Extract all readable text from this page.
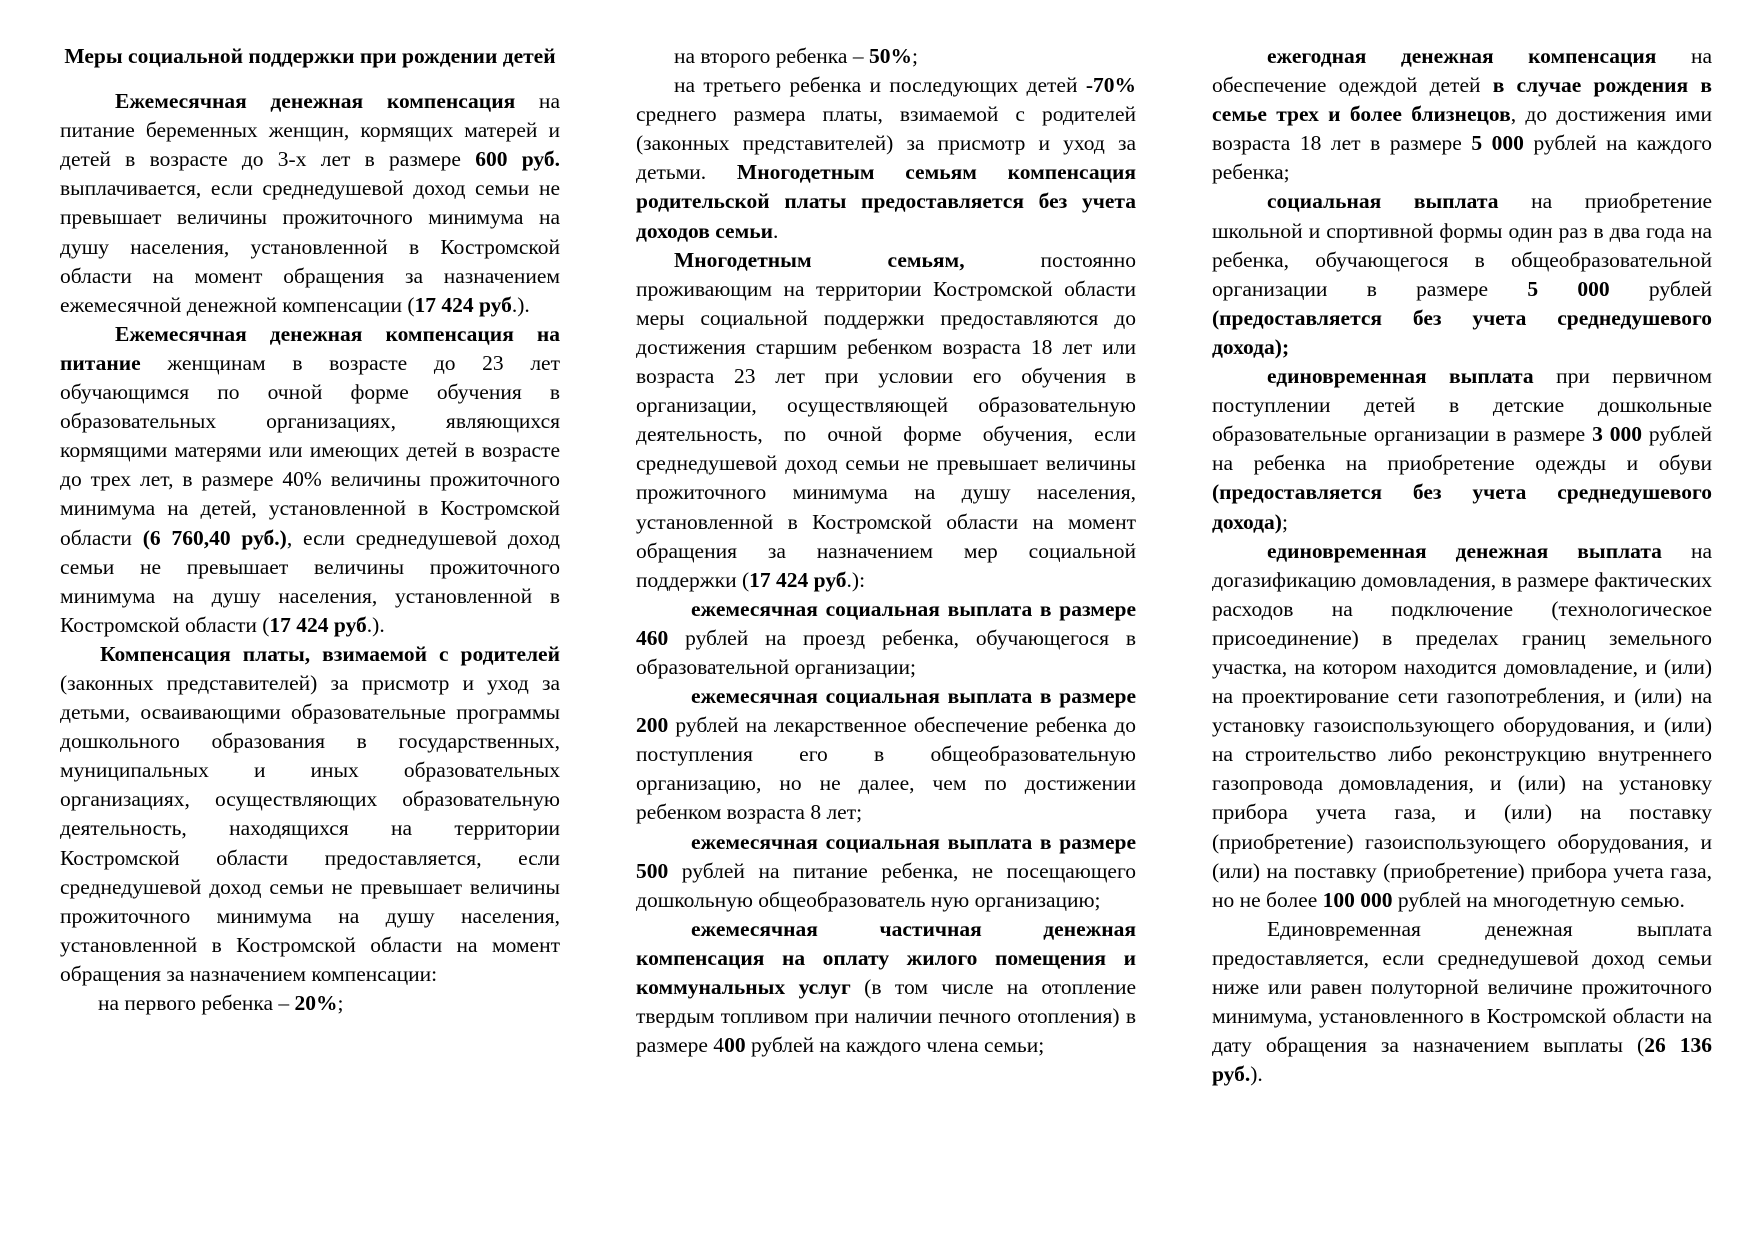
Меры социальной поддержки при рождении детей

Ежемесячная денежная компенсация на питание беременных женщин, кормящих матерей и детей в возрасте до 3-х лет в размере 600 руб. выплачивается, если среднедушевой доход семьи не превышает величины прожиточного минимума на душу населения, установленной в Костромской области на момент обращения за назначением ежемесячной денежной компенсации (17 424 руб.).

Ежемесячная денежная компенсация на питание женщинам в возрасте до 23 лет обучающимся по очной форме обучения в образовательных организациях, являющихся кормящими матерями или имеющих детей в возрасте до трех лет, в размере 40% величины прожиточного минимума на детей, установленной в Костромской области (6 760,40 руб.), если среднедушевой доход семьи не превышает величины прожиточного минимума на душу населения, установленной в Костромской области (17 424 руб.).

Компенсация платы, взимаемой с родителей (законных представителей) за присмотр и уход за детьми, осваивающими образовательные программы дошкольного образования в государственных, муниципальных и иных образовательных организациях, осуществляющих образовательную деятельность, находящихся на территории Костромской области предоставляется, если среднедушевой доход семьи не превышает величины прожиточного минимума на душу населения, установленной в Костромской области на момент обращения за назначением компенсации:

на первого ребенка – 20%;

на второго ребенка – 50%;

на третьего ребенка и последующих детей -70% среднего размера платы, взимаемой с родителей (законных представителей) за присмотр и уход за детьми. Многодетным семьям компенсация родительской платы предоставляется без учета доходов семьи.

Многодетным семьям, постоянно проживающим на территории Костромской области меры социальной поддержки предоставляются до достижения старшим ребенком возраста 18 лет или возраста 23 лет при условии его обучения в организации, осуществляющей образовательную деятельность, по очной форме обучения, если среднедушевой доход семьи не превышает величины прожиточного минимума на душу населения, установленной в Костромской области на момент обращения за назначением мер социальной поддержки (17 424 руб.):

ежемесячная социальная выплата в размере 460 рублей на проезд ребенка, обучающегося в образовательной организации;

ежемесячная социальная выплата в размере 200 рублей на лекарственное обеспечение ребенка до поступления его в общеобразовательную организацию, но не далее, чем по достижении ребенком возраста 8 лет;

ежемесячная социальная выплата в размере 500 рублей на питание ребенка, не посещающего дошкольную общеобразователь ную организацию;

ежемесячная частичная денежная компенсация на оплату жилого помещения и коммунальных услуг (в том числе на отопление твердым топливом при наличии печного отопления) в размере 400 рублей на каждого члена семьи;

ежегодная денежная компенсация на обеспечение одеждой детей в случае рождения в семье трех и более близнецов, до достижения ими возраста 18 лет в размере 5 000 рублей на каждого ребенка;

социальная выплата на приобретение школьной и спортивной формы один раз в два года на ребенка, обучающегося в общеобразовательной организации в размере 5 000 рублей (предоставляется без учета среднедушевого дохода);

единовременная выплата при первичном поступлении детей в детские дошкольные образовательные организации в размере 3 000 рублей на ребенка на приобретение одежды и обуви (предоставляется без учета среднедушевого дохода);

единовременная денежная выплата на догазификацию домовладения, в размере фактических расходов на подключение (технологическое присоединение) в пределах границ земельного участка, на котором находится домовладение, и (или) на проектирование сети газопотребления, и (или) на установку газоиспользующего оборудования, и (или) на строительство либо реконструкцию внутреннего газопровода домовладения, и (или) на установку прибора учета газа, и (или) на поставку (приобретение) газоиспользующего оборудования, и (или) на поставку (приобретение) прибора учета газа, но не более 100 000 рублей на многодетную семью.

Единовременная денежная выплата предоставляется, если среднедушевой доход семьи ниже или равен полуторной величине прожиточного минимума, установленного в Костромской области на дату обращения за назначением выплаты (26 136 руб.).
